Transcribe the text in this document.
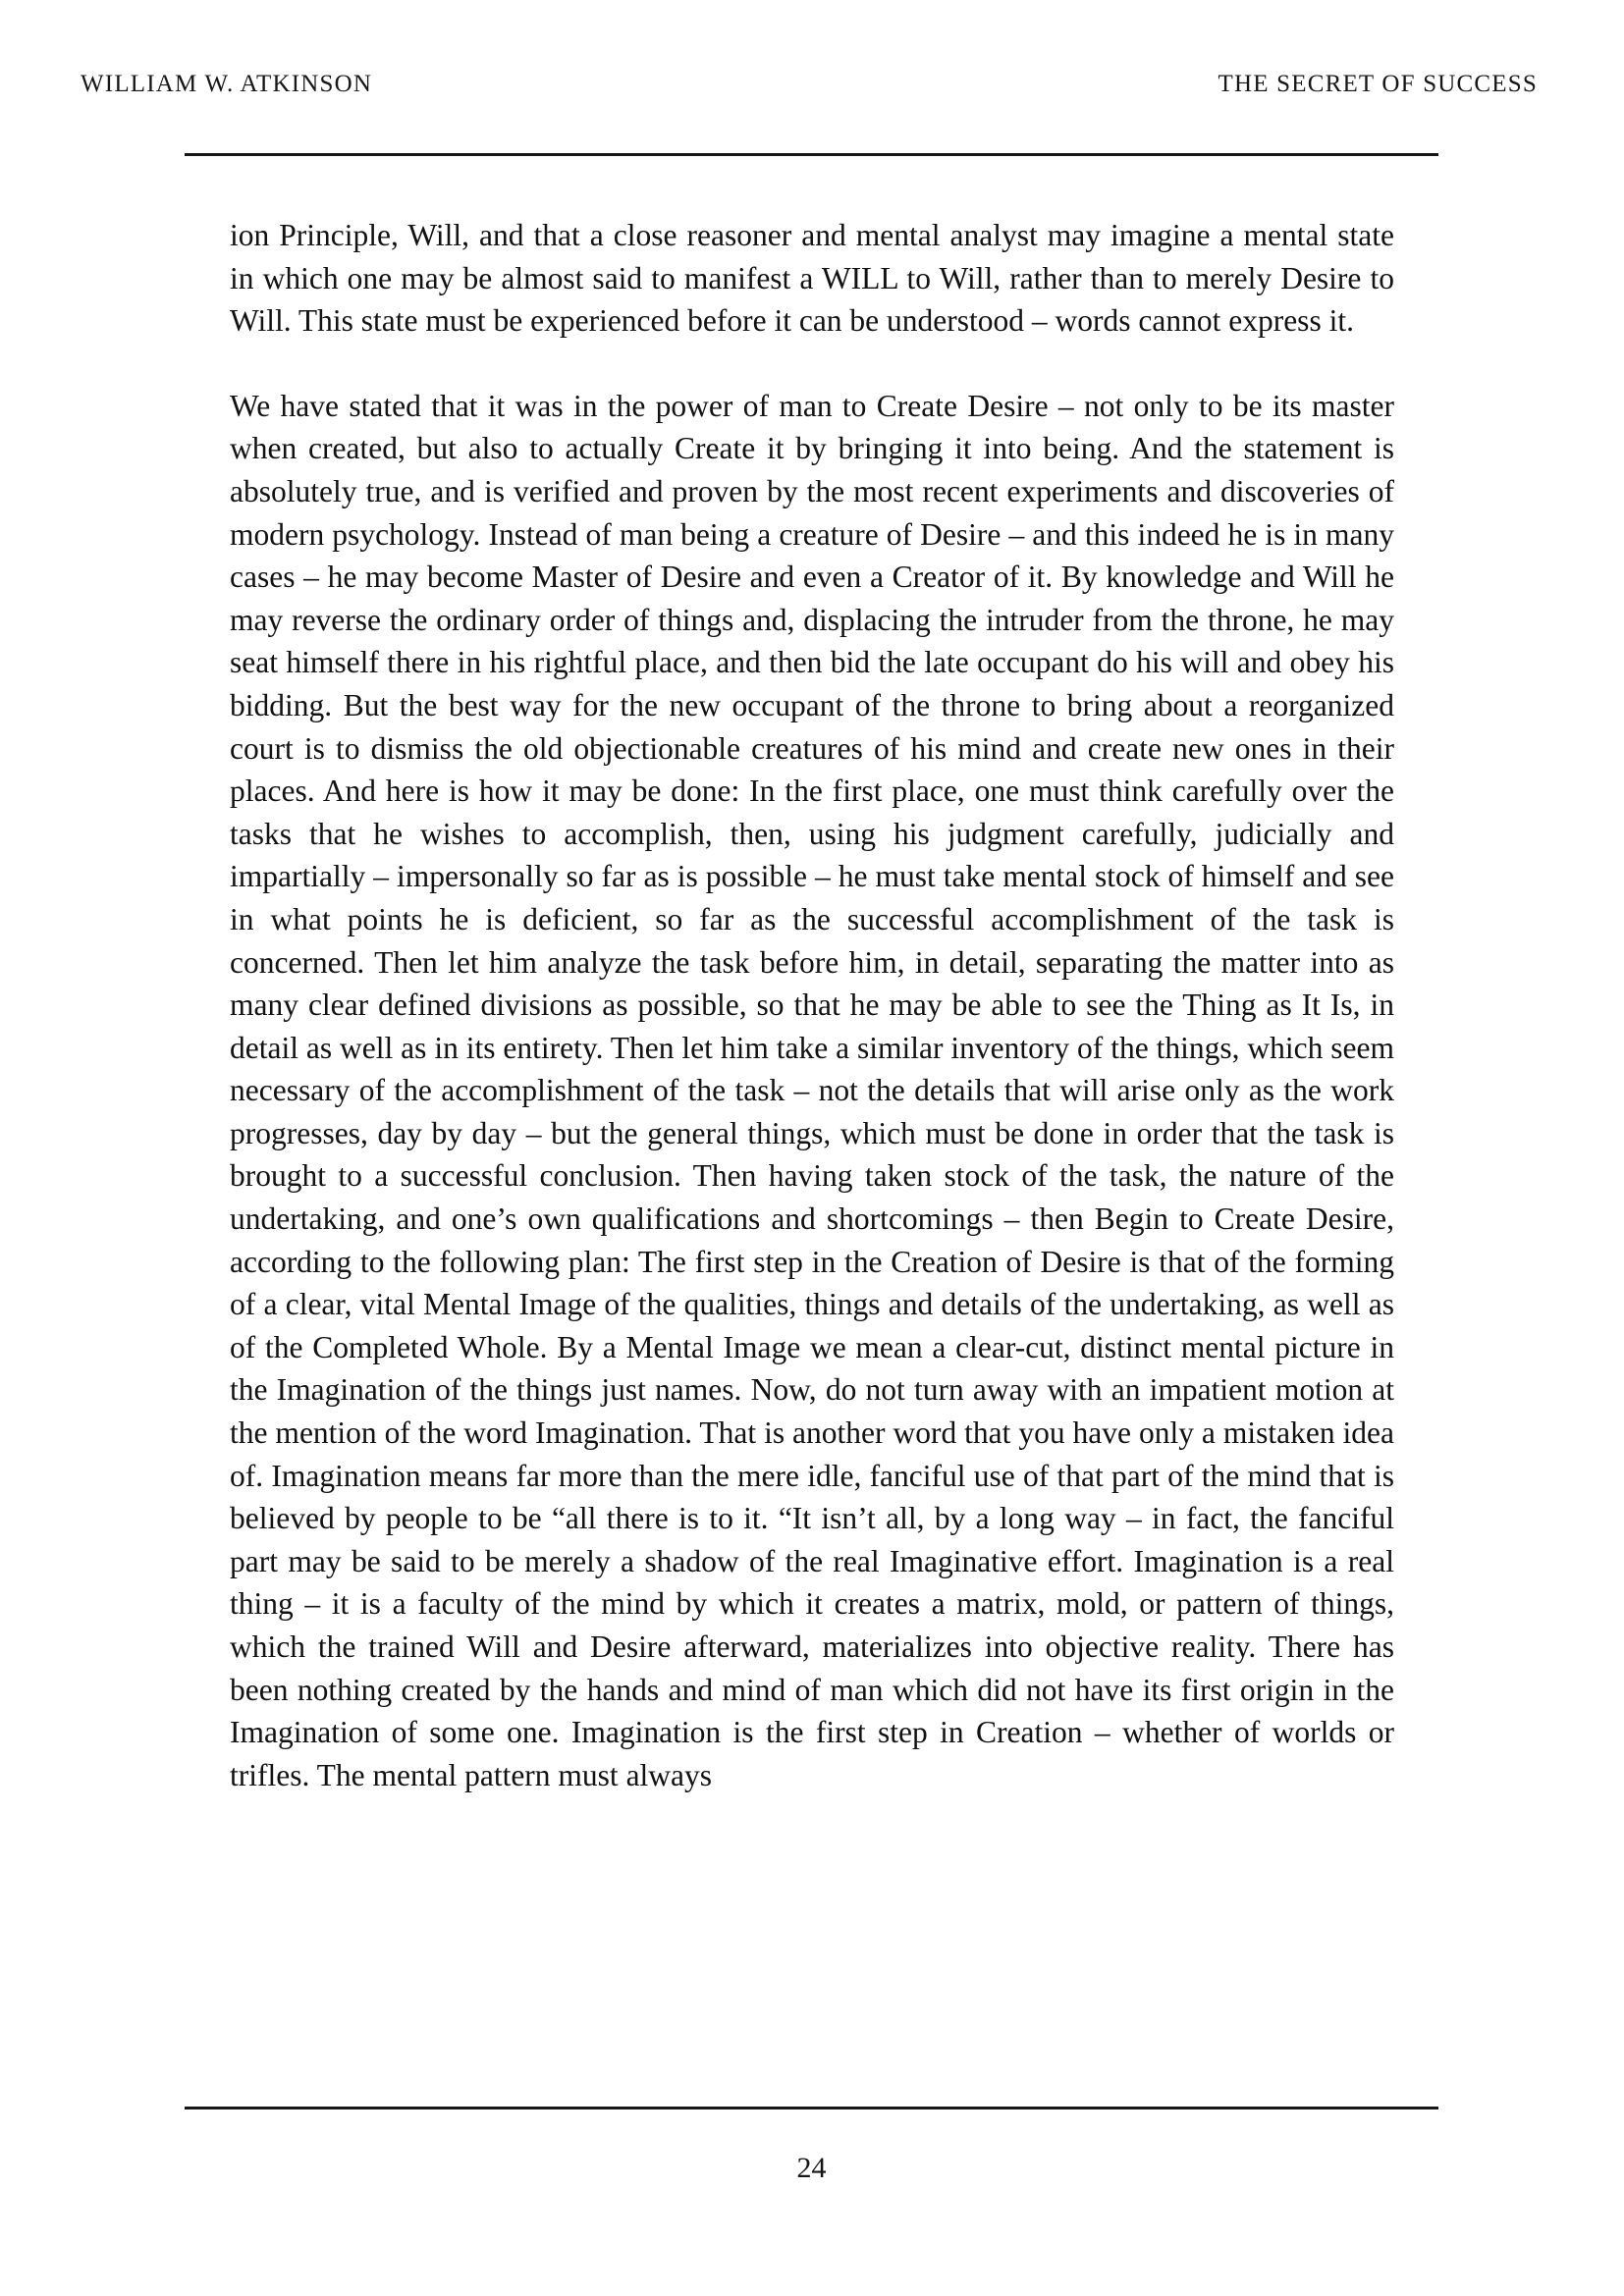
WILLIAM W. ATKINSON	THE SECRET OF SUCCESS

ion Principle, Will, and that a close reasoner and mental analyst may imagine a mental state in which one may be almost said to manifest a WILL to Will, rather than to merely Desire to Will. This state must be experienced before it can be understood – words cannot express it.

We have stated that it was in the power of man to Create Desire – not only to be its master when created, but also to actually Create it by bringing it into being. And the statement is absolutely true, and is verified and proven by the most recent experiments and discoveries of modern psychology. Instead of man being a creature of Desire – and this indeed he is in many cases – he may become Master of Desire and even a Creator of it. By knowledge and Will he may reverse the ordinary order of things and, displacing the intruder from the throne, he may seat himself there in his rightful place, and then bid the late occupant do his will and obey his bidding. But the best way for the new occupant of the throne to bring about a reorganized court is to dismiss the old objectionable creatures of his mind and create new ones in their places. And here is how it may be done: In the first place, one must think carefully over the tasks that he wishes to accomplish, then, using his judgment carefully, judicially and impartially – impersonally so far as is possible – he must take mental stock of himself and see in what points he is deficient, so far as the successful accomplishment of the task is concerned. Then let him analyze the task before him, in detail, separating the matter into as many clear defined divisions as possible, so that he may be able to see the Thing as It Is, in detail as well as in its entirety. Then let him take a similar inventory of the things, which seem necessary of the accomplishment of the task – not the details that will arise only as the work progresses, day by day – but the general things, which must be done in order that the task is brought to a successful conclusion. Then having taken stock of the task, the nature of the undertaking, and one’s own qualifications and shortcomings – then Begin to Create Desire, according to the following plan: The first step in the Creation of Desire is that of the forming of a clear, vital Mental Image of the qualities, things and details of the undertaking, as well as of the Completed Whole. By a Mental Image we mean a clear-cut, distinct mental picture in the Imagination of the things just names. Now, do not turn away with an impatient motion at the mention of the word Imagination. That is another word that you have only a mistaken idea of. Imagination means far more than the mere idle, fanciful use of that part of the mind that is believed by people to be “all there is to it. “It isn’t all, by a long way – in fact, the fanciful part may be said to be merely a shadow of the real Imaginative effort. Imagination is a real thing – it is a faculty of the mind by which it creates a matrix, mold, or pattern of things, which the trained Will and Desire afterward, materializes into objective reality. There has been nothing created by the hands and mind of man which did not have its first origin in the Imagination of some one. Imagination is the first step in Creation – whether of worlds or trifles. The mental pattern must always

24
